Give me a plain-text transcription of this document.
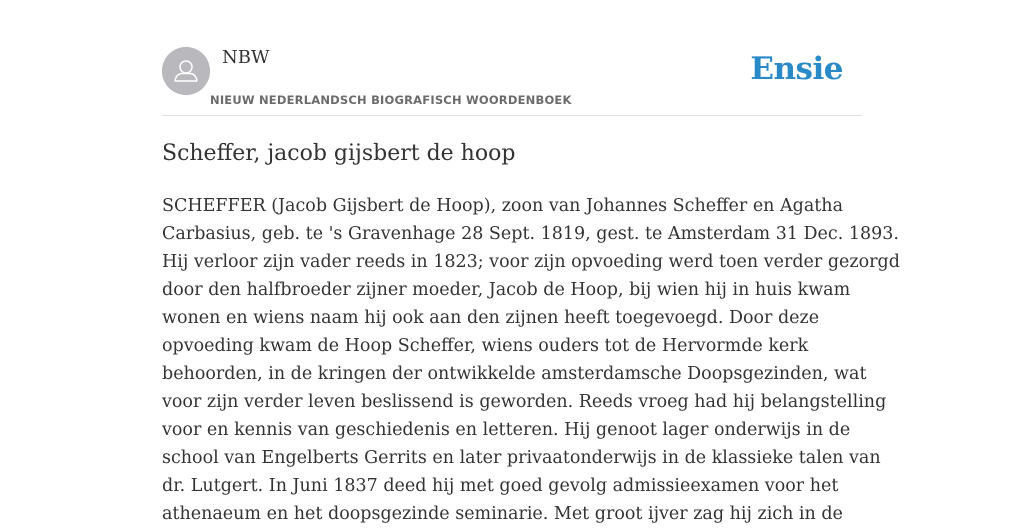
NBW
NIEUW NEDERLANDSCH BIOGRAFISCH WOORDENBOEK
Ensie
Scheffer, jacob gijsbert de hoop
SCHEFFER (Jacob Gijsbert de Hoop), zoon van Johannes Scheffer en Agatha
Carbasius, geb. te 's Gravenhage 28 Sept. 1819, gest. te Amsterdam 31 Dec. 1893.
Hij verloor zijn vader reeds in 1823; voor zijn opvoeding werd toen verder gezorgd
door den halfbroeder zijner moeder, Jacob de Hoop, bij wien hij in huis kwam
wonen en wiens naam hij ook aan den zijnen heeft toegevoegd. Door deze
opvoeding kwam de Hoop Scheffer, wiens ouders tot de Hervormde kerk
behoorden, in de kringen der ontwikkelde amsterdamsche Doopsgezinden, wat
voor zijn verder leven beslissend is geworden. Reeds vroeg had hij belangstelling
voor en kennis van geschiedenis en letteren. Hij genoot lager onderwijs in de
school van Engelberts Gerrits en later privaatonderwijs in de klassieke talen van
dr. Lutgert. In Juni 1837 deed hij met goed gevolg admissieexamen voor het
athenaeum en het doopsgezinde seminarie. Met groot ijver zag hij zich in de
